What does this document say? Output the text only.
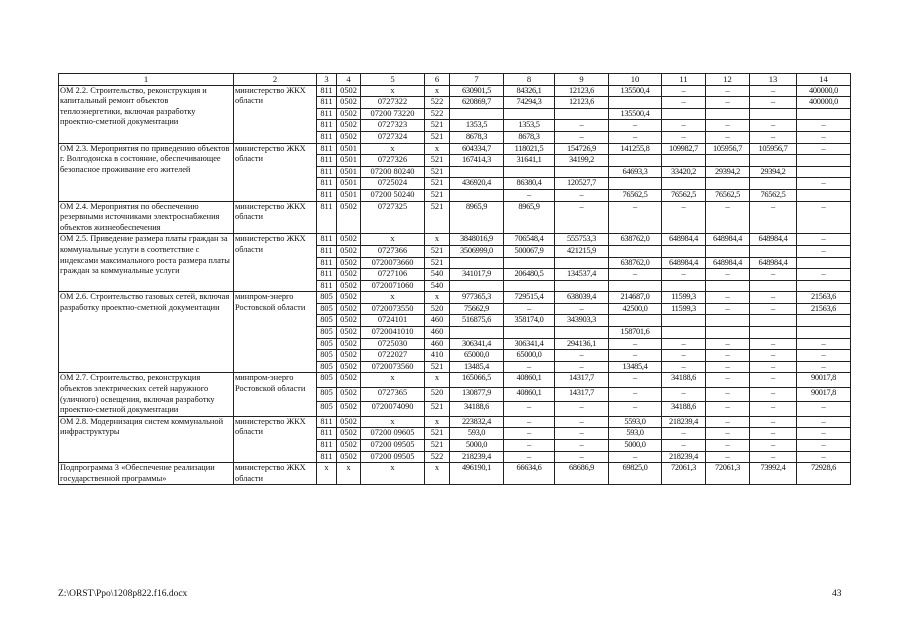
1	2	3	4	5	6	7	8	9	10	11	12	13	14
ОМ 2.2. Строительство, реконструкция и капитальный ремонт объектов теплоэнергетики, включая разработку проектно-сметной документации	министерство ЖКХ области	811	0502	x	x	630901,5	84326,1	12123,6	135500,4	–	–	–	400000,0
		811	0502	0727322	522	620869,7	74294,3	12123,6		–	–	–	400000,0
		811	0502	07200 73220	522				135500,4				
		811	0502	0727323	521	1353,5	1353,5	–	–	–	–	–	–
		811	0502	0727324	521	8678,3	8678,3	–	–	–	–	–	–
ОМ 2.3. Мероприятия по приведению объектов г. Волгодонска в состояние, обеспечивающее безопасное проживание его жителей	министерство ЖКХ области	811	0501	x	x	604334,7	118021,5	154726,9	141255,8	109982,7	105956,7	105956,7	–
		811	0501	0727326	521	167414,3	31641,1	34199,2					
		811	0501	07200 80240	521				64693,3	33420,2	29394,2	29394,2	
		811	0501	0725024	521	436920,4	86380,4	120527,7					–
		811	0501	07200 50240	521		–	–	76562,5	76562,5	76562,5	76562,5	
ОМ 2.4. Мероприятия по обеспечению резервными источниками электроснабжения объектов жизнеобеспечения	министерство ЖКХ области	811	0502	0727325	521	8965,9	8965,9	–	–	–	–	–	–
ОМ 2.5. Приведение размера платы граждан за коммунальные услуги в соответствие с индексами максимального роста размера платы граждан за коммунальные услуги	министерство ЖКХ области	811	0502	x	x	3848016,9	706548,4	555753,3	638762,0	648984,4	648984,4	648984,4	–
		811	0502	0727366	521	3506999,0	500067,9	421215,9					–
		811	0502	0720073660	521				638762,0	648984,4	648984,4	648984,4	
		811	0502	0727106	540	341017,9	206480,5	134537,4	–	–	–	–	–
		811	0502	0720071060	540								
ОМ 2.6. Строительство газовых сетей, включая разработку проектно-сметной документации	минпром-энерго Ростовской области	805	0502	x	x	977365,3	729515,4	638039,4	214687,0	11599,3	–	–	21563,6
		805	0502	0720073550	520	75662,9	–	–	42500,0	11599,3	–	–	21563,6
		805	0502	0724101	460	516875,6	358174,0	343903,3					
		805	0502	0720041010	460				158701,6				
		805	0502	0725030	460	306341,4	306341,4	294136,1	–	–	–	–	–
		805	0502	0722027	410	65000,0	65000,0	–	–	–	–	–	–
		805	0502	0720073560	521	13485,4	–	–	13485,4	–	–	–	–
ОМ 2.7. Строительство, реконструкция объектов электрических сетей наружного (уличного) освещения, включая разработку проектно-сметной документации	минпром-энерго Ростовской области	805	0502	x	x	165066,5	40860,1	14317,7	–	34188,6	–	–	90017,8
		805	0502	0727365	520	130877,9	40860,1	14317,7	–	–	–	–	90017,8
		805	0502	0720074090	521	34188,6	–	–	–	34188,6	–	–	–
ОМ 2.8. Модернизация систем коммунальной инфраструктуры	министерство ЖКХ области	811	0502	x	x	223832,4	–	–	5593,0	218239,4	–	–	–
		811	0502	07200 09605	521	593,0	–	–	593,0	–	–	–	–
		811	0502	07200 09505	521	5000,0	–	–	5000,0	–	–	–	–
		811	0502	07200 09505	522	218239,4	–	–	–	218239,4	–	–	–
Подпрограмма 3 «Обеспечение реализации государственной программы»	министерство ЖКХ области	x	x	x	x	496190,1	66634,6	68686,9	69825,0	72061,3	72061,3	73992,4	72928,6
Z:\ORST\Ppo\1208p822.f16.docx	43
